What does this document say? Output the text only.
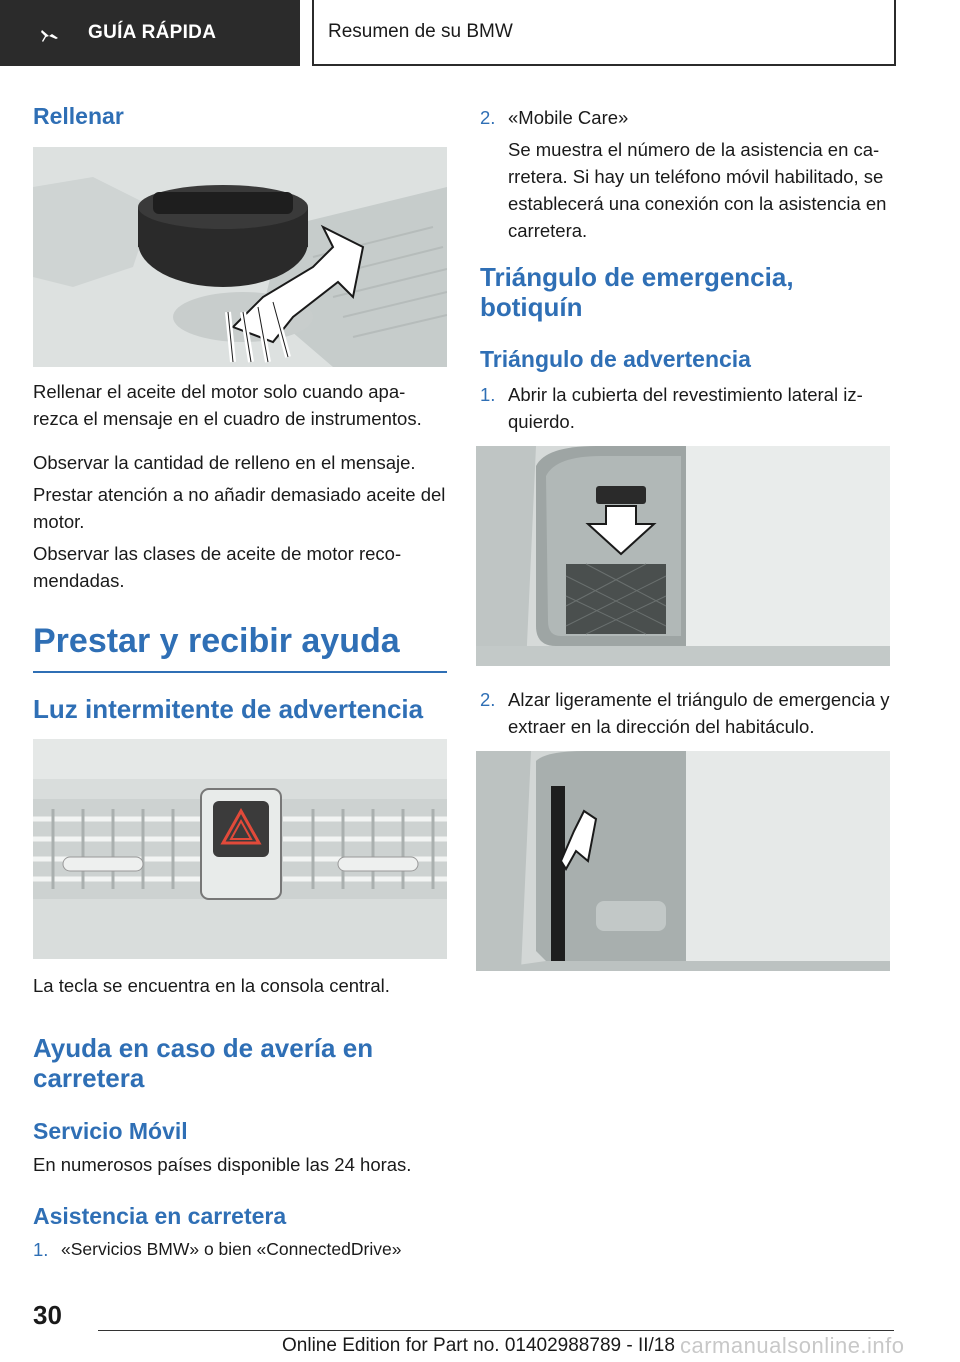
GUÍA RÁPIDA	Resumen de su BMW
Rellenar

Rellenar el aceite del motor solo cuando apa-rezca el mensaje en el cuadro de instrumentos.

Observar la cantidad de relleno en el mensaje.

Prestar atención a no añadir demasiado aceite del motor.

Observar las clases de aceite de motor reco-mendadas.

Prestar y recibir ayuda
Luz intermitente de advertencia

La tecla se encuentra en la consola central.

Ayuda en caso de avería en carretera
Servicio Móvil

En numerosos países disponible las 24 horas.

Asistencia en carretera
1. «Servicios BMW» o bien «ConnectedDrive»
2. «Mobile Care»

Se muestra el número de la asistencia en ca-rretera. Si hay un teléfono móvil habilitado, se establecerá una conexión con la asistencia en carretera.

Triángulo de emergencia, botiquín
Triángulo de advertencia
1. Abrir la cubierta del revestimiento lateral iz-quierdo.
2. Alzar ligeramente el triángulo de emergencia y extraer en la dirección del habitáculo.
30
Online Edition for Part no. 01402988789 - II/18 carmanualsonline.info
